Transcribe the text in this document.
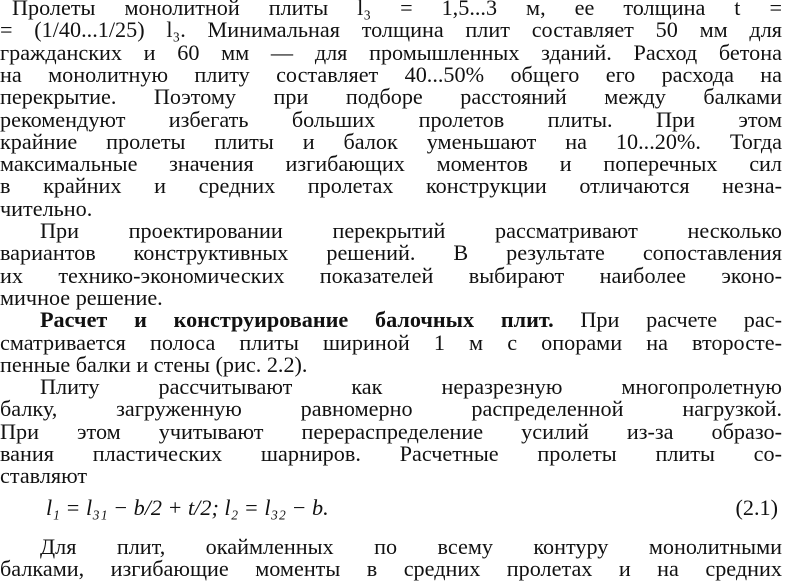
Пролеты монолитной плиты l₃ = 1,5...3 м, ее толщина t =
= (1/40...1/25) l₃. Минимальная толщина плит составляет 50 мм для
гражданских и 60 мм — для промышленных зданий. Расход бетона
на монолитную плиту составляет 40...50% общего его расхода на
перекрытие. Поэтому при подборе расстояний между балками
рекомендуют избегать больших пролетов плиты. При этом
крайние пролеты плиты и балок уменьшают на 10...20%. Тогда
максимальные значения изгибающих моментов и поперечных сил
в крайних и средних пролетах конструкции отличаются незна-
чительно.
При проектировании перекрытий рассматривают несколько
вариантов конструктивных решений. В результате сопоставления
их технико-экономических показателей выбирают наиболее эконо-
мичное решение.
Расчет и конструирование балочных плит. При расчете рас-
сматривается полоса плиты шириной 1 м с опорами на второсте-
пенные балки и стены (рис. 2.2).
Плиту рассчитывают как неразрезную многопролетную
балку, загруженную равномерно распределенной нагрузкой.
При этом учитывают перераспределение усилий из-за образо-
вания пластических шарниров. Расчетные пролеты плиты со-
ставляют
l₁ = l₃₁ − b/2 + t/2; l₂ = l₃₂ − b.	(2.1)
Для плит, окаймленных по всему контуру монолитными
балками, изгибающие моменты в средних пролетах и на средних
